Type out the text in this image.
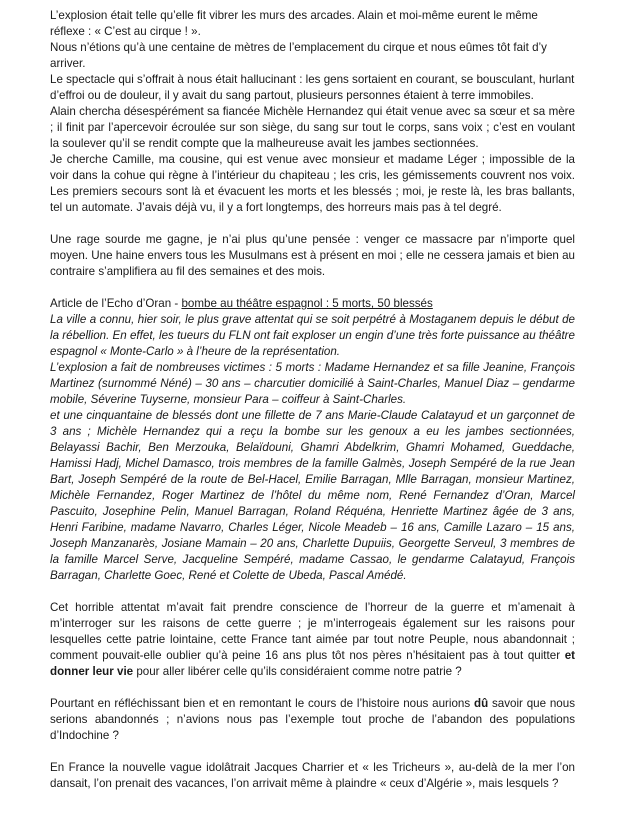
L’explosion était telle qu’elle fit vibrer les murs des arcades. Alain et moi-même eurent le même réflexe : « C’est au cirque ! ».

Nous n’étions qu’à une centaine de mètres de l’emplacement du cirque et nous eûmes tôt fait d’y arriver.

Le spectacle qui s’offrait à nous était hallucinant : les gens sortaient en courant, se bousculant, hurlant d’effroi ou de douleur, il y avait du sang partout, plusieurs personnes étaient à terre immobiles.

Alain chercha désespérément sa fiancée Michèle Hernandez qui était venue avec sa sœur et sa mère ; il finit par l’apercevoir écroulée sur son siège, du sang sur tout le corps, sans voix ; c’est en voulant la soulever qu’il se rendit compte que la malheureuse avait les jambes sectionnées.

Je cherche Camille, ma cousine, qui est venue avec monsieur et madame Léger ; impossible de la voir dans la cohue qui règne à l’intérieur du chapiteau ; les cris, les gémissements couvrent nos voix. Les premiers secours sont là et évacuent les morts et les blessés ; moi, je reste là, les bras ballants, tel un automate. J’avais déjà vu, il y a fort longtemps, des horreurs mais pas à tel degré.

Une rage sourde me gagne, je n’ai plus qu’une pensée : venger ce massacre par n’importe quel moyen. Une haine envers tous les Musulmans est à présent en moi ; elle ne cessera jamais et bien au contraire s’amplifiera au fil des semaines et des mois.

Article de l’Echo d’Oran - bombe au théâtre espagnol : 5 morts, 50 blessés

La ville a connu, hier soir, le plus grave attentat qui se soit perpétré à Mostaganem depuis le début de la rébellion. En effet, les tueurs du FLN ont fait exploser un engin d’une très forte puissance au théâtre espagnol « Monte-Carlo » à l’heure de la représentation.

L’explosion a fait de nombreuses victimes : 5 morts : Madame Hernandez et sa fille Jeanine, François Martinez (surnommé Néné) – 30 ans – charcutier domicilié à Saint-Charles, Manuel Diaz – gendarme mobile, Séverine Tuyserne, monsieur Para – coiffeur à Saint-Charles.

et une cinquantaine de blessés dont une fillette de 7 ans Marie-Claude Calatayud et un garçonnet de 3 ans ; Michèle Hernandez qui a reçu la bombe sur les genoux a eu les jambes sectionnées, Belayassi Bachir, Ben Merzouka, Belaïdouni, Ghamri Abdelkrim, Ghamri Mohamed, Gueddache, Hamissi Hadj, Michel Damasco, trois membres de la famille Galmès, Joseph Sempéré de la rue Jean Bart, Joseph Sempéré de la route de Bel-Hacel, Emilie Barragan, Mlle Barragan, monsieur Martinez, Michèle Fernandez, Roger Martinez de l’hôtel du même nom, René Fernandez d’Oran, Marcel Pascuito, Josephine Pelin, Manuel Barragan, Roland Réquéna, Henriette Martinez âgée de 3 ans, Henri Faribine, madame Navarro, Charles Léger, Nicole Meadeb – 16 ans, Camille Lazaro – 15 ans, Joseph Manzanarès, Josiane Mamain – 20 ans, Charlette Dupuiis, Georgette Serveul, 3 membres de la famille Marcel Serve, Jacqueline Sempéré, madame Cassao, le gendarme Calatayud, François Barragan, Charlette Goec, René et Colette de Ubeda, Pascal Amédé.

Cet horrible attentat m’avait fait prendre conscience de l’horreur de la guerre et m’amenait à m’interroger sur les raisons de cette guerre ; je m’interrogeais également sur les raisons pour lesquelles cette patrie lointaine, cette France tant aimée par tout notre Peuple, nous abandonnait ; comment pouvait-elle oublier qu’à peine 16 ans plus tôt nos pères n’hésitaient pas à tout quitter et donner leur vie pour aller libérer celle qu’ils considéraient comme notre patrie ?

Pourtant en réfléchissant bien et en remontant le cours de l’histoire nous aurions dû savoir que nous serions abandonnés ; n’avions nous pas l’exemple tout proche de l’abandon des populations d’Indochine ?

En France la nouvelle vague idolâtrait Jacques Charrier et « les Tricheurs », au-delà de la mer l’on dansait, l’on prenait des vacances, l’on arrivait même à plaindre « ceux d’Algérie », mais lesquels ?
